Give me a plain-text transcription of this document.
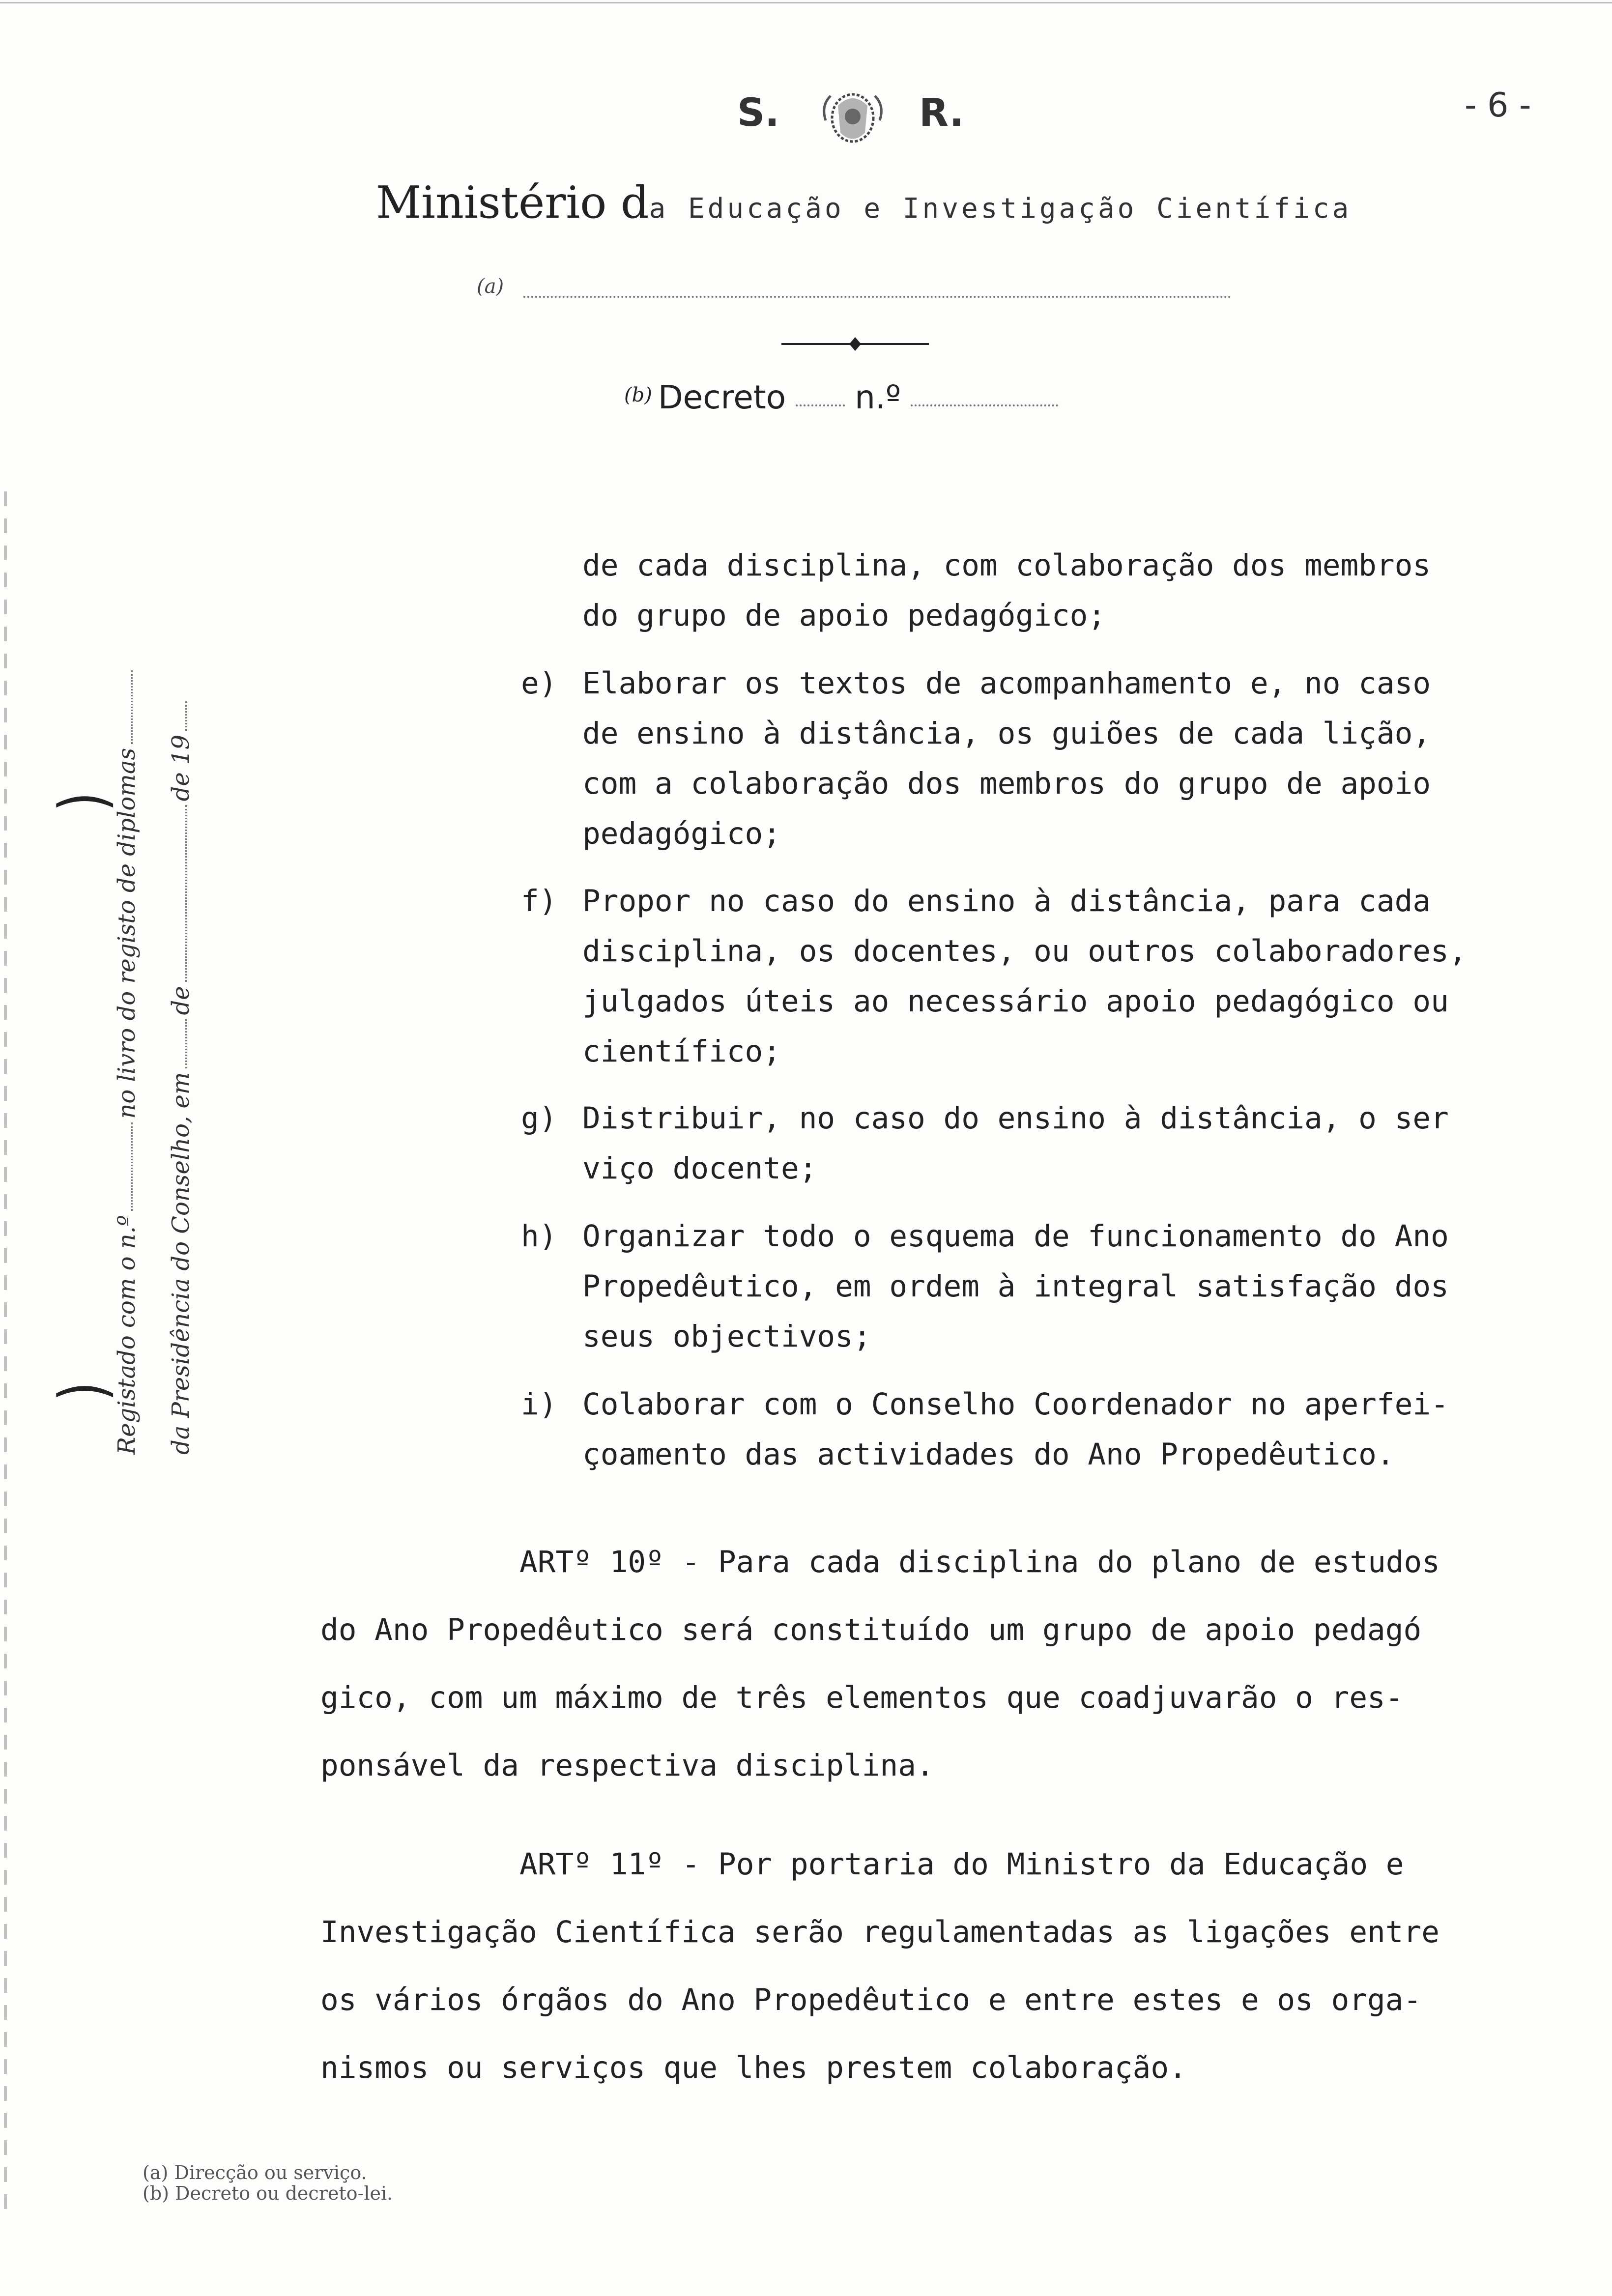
S.	R.	- 6 -
Ministério da Educação e Investigação Científica
(a)
$^{(b)}$ Decreto n.º
Registado com o n.ºno livro do registo de diplomas
da Presidência do Conselho, emdede 19
⁀
⁀
de cada disciplina, com colaboração dos membros
do grupo de apoio pedagógico;
e) Elaborar os textos de acompanhamento e, no caso
de ensino à distância, os guiões de cada lição,
com a colaboração dos membros do grupo de apoio
pedagógico;
f) Propor no caso do ensino à distância, para cada
disciplina, os docentes, ou outros colaboradores,
julgados úteis ao necessário apoio pedagógico ou
científico;
g) Distribuir, no caso do ensino à distância, o ser
viço docente;
h) Organizar todo o esquema de funcionamento do Ano
Propedêutico, em ordem à integral satisfação dos
seus objectivos;
i) Colaborar com o Conselho Coordenador no aperfei-
çoamento das actividades do Ano Propedêutico.
ARTº 10º - Para cada disciplina do plano de estudos
do Ano Propedêutico será constituído um grupo de apoio pedagó
gico, com um máximo de três elementos que coadjuvarão o res-
ponsável da respectiva disciplina.
ARTº 11º - Por portaria do Ministro da Educação e
Investigação Científica serão regulamentadas as ligações entre
os vários órgãos do Ano Propedêutico e entre estes e os orga-
nismos ou serviços que lhes prestem colaboração.
(a) Direcção ou serviço.
(b) Decreto ou decreto-lei.
